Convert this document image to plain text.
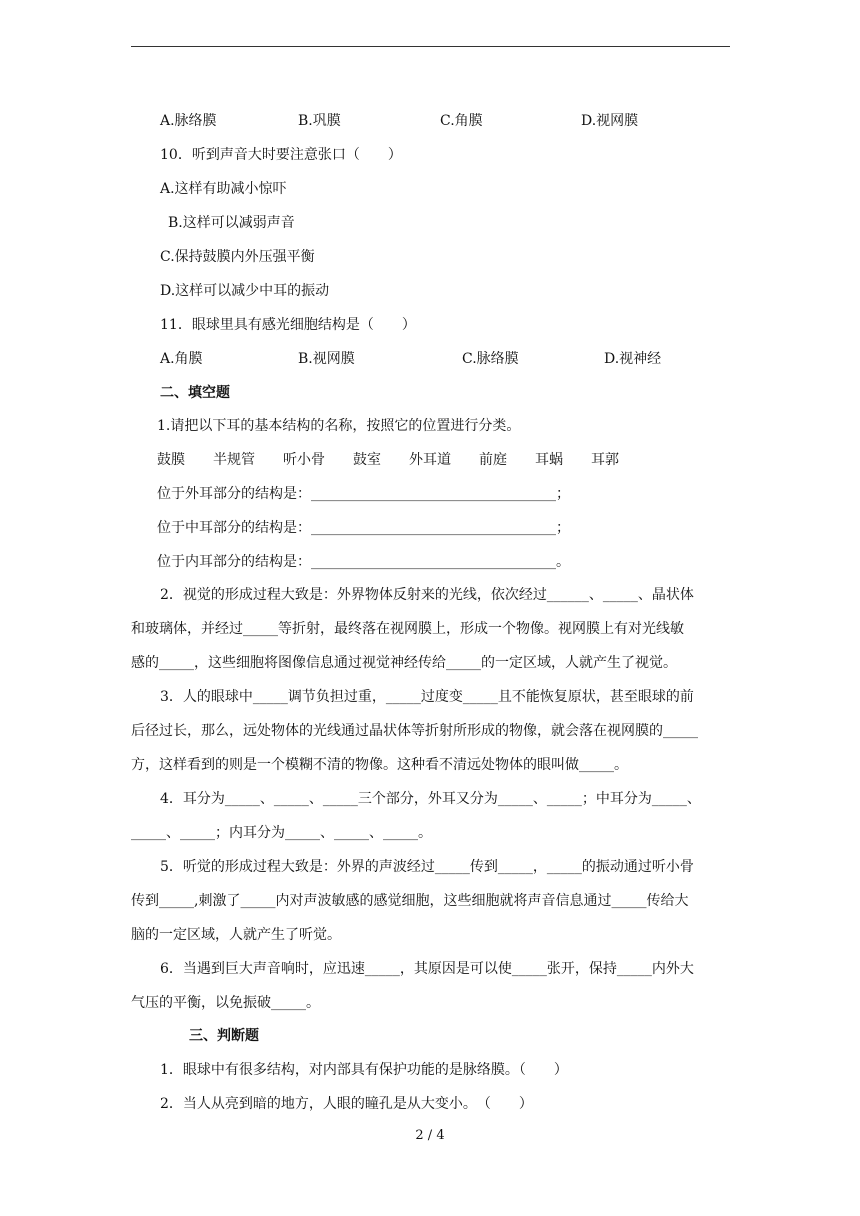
A.脉络膜	B.巩膜	C.角膜	D.视网膜
10．听到声音大时要注意张口（　　）
A.这样有助减小惊吓
B.这样可以减弱声音
C.保持鼓膜内外压强平衡
D.这样可以减少中耳的振动
11．眼球里具有感光细胞结构是（　　）
A.角膜	B.视网膜	C.脉络膜	D.视神经
二、填空题
1.请把以下耳的基本结构的名称，按照它的位置进行分类。
鼓膜　　半规管　　听小骨　　鼓室　　外耳道　　前庭　　耳蜗　　耳郭
位于外耳部分的结构是：___________________________________；
位于中耳部分的结构是：___________________________________；
位于内耳部分的结构是：___________________________________。
2．视觉的形成过程大致是：外界物体反射来的光线，依次经过______、_____、晶状体
和玻璃体，并经过_____等折射，最终落在视网膜上，形成一个物像。视网膜上有对光线敏
感的_____，这些细胞将图像信息通过视觉神经传给_____的一定区域，人就产生了视觉。
3．人的眼球中_____调节负担过重，_____过度变_____且不能恢复原状，甚至眼球的前
后径过长，那么，远处物体的光线通过晶状体等折射所形成的物像，就会落在视网膜的_____
方，这样看到的则是一个模糊不清的物像。这种看不清远处物体的眼叫做_____。
4．耳分为_____、_____、_____三个部分，外耳又分为_____、_____；中耳分为_____、
_____、_____；内耳分为_____、_____、_____。
5．听觉的形成过程大致是：外界的声波经过_____传到_____，_____的振动通过听小骨
传到_____,刺激了_____内对声波敏感的感觉细胞，这些细胞就将声音信息通过_____传给大
脑的一定区域，人就产生了听觉。
6．当遇到巨大声音响时，应迅速_____，其原因是可以使_____张开，保持_____内外大
气压的平衡，以免振破_____。
三、判断题
1．眼球中有很多结构，对内部具有保护功能的是脉络膜。（　　）
2．当人从亮到暗的地方，人眼的瞳孔是从大变小。　（　　）
2 / 4
